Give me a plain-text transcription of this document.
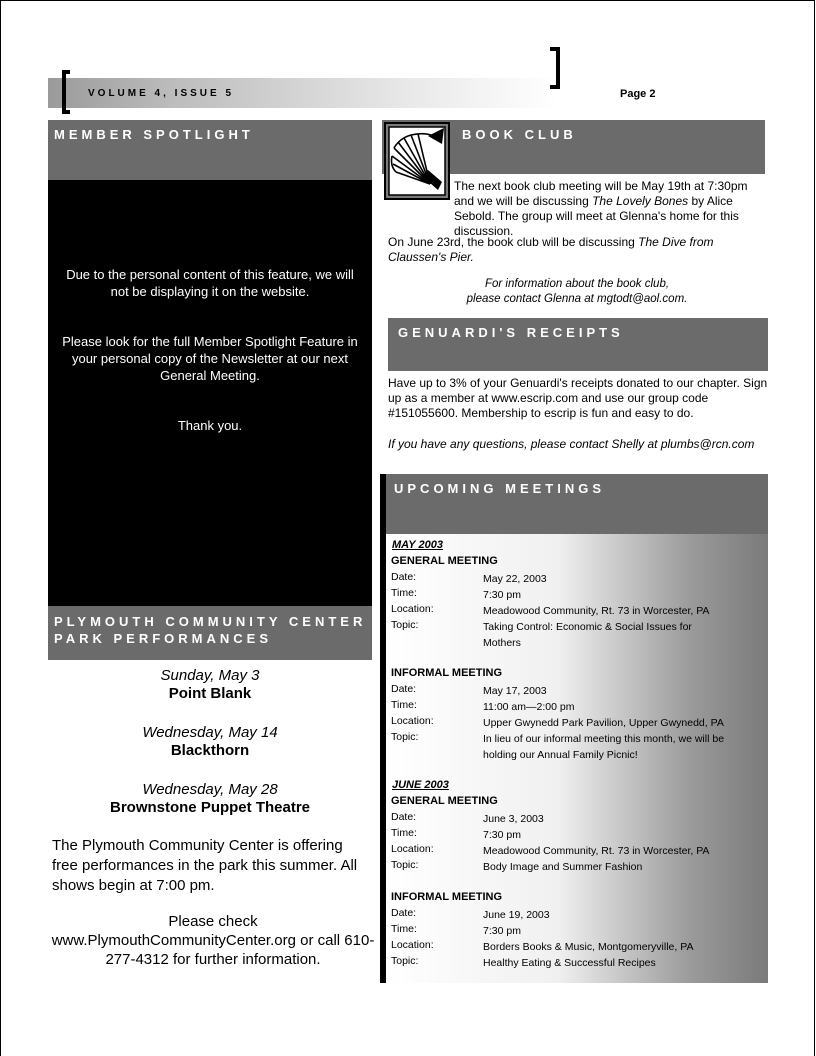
VOLUME 4, ISSUE 5	Page 2
MEMBER SPOTLIGHT

Due to the personal content of this feature, we will not be displaying it on the website.

Please look for the full Member Spotlight Feature in your personal copy of the Newsletter at our next General Meeting.

Thank you.

PLYMOUTH COMMUNITY CENTER
PARK PERFORMANCES
Sunday, May 3
Point Blank
Wednesday, May 14
Blackthorn
Wednesday, May 28
Brownstone Puppet Theatre
The Plymouth Community Center is offering free performances in the park this summer. All shows begin at 7:00 pm.
Please check www.PlymouthCommunityCenter.org or call 610-277-4312 for further information.
BOOK CLUB
The next book club meeting will be May 19th at 7:30pm and we will be discussing The Lovely Bones by Alice Sebold. The group will meet at Glenna's home for this discussion.
On June 23rd, the book club will be discussing The Dive from Claussen's Pier.
For information about the book club,
please contact Glenna at mgtodt@aol.com.
GENUARDI'S RECEIPTS
Have up to 3% of your Genuardi's receipts donated to our chapter. Sign up as a member at www.escrip.com and use our group code #151055600. Membership to escrip is fun and easy to do.
If you have any questions, please contact Shelly at plumbs@rcn.com
UPCOMING MEETINGS
MAY 2003
GENERAL MEETING
Date:	May 22, 2003
Time:	7:30 pm
Location:	Meadowood Community, Rt. 73 in Worcester, PA
Topic:	Taking Control: Economic & Social Issues for Mothers
INFORMAL MEETING
Date:	May 17, 2003
Time:	11:00 am—2:00 pm
Location:	Upper Gwynedd Park Pavilion, Upper Gwynedd, PA
Topic:	In lieu of our informal meeting this month, we will be holding our Annual Family Picnic!
JUNE 2003
GENERAL MEETING
Date:	June 3, 2003
Time:	7:30 pm
Location:	Meadowood Community, Rt. 73 in Worcester, PA
Topic:	Body Image and Summer Fashion
INFORMAL MEETING
Date:	June 19, 2003
Time:	7:30 pm
Location:	Borders Books & Music, Montgomeryville, PA
Topic:	Healthy Eating & Successful Recipes
